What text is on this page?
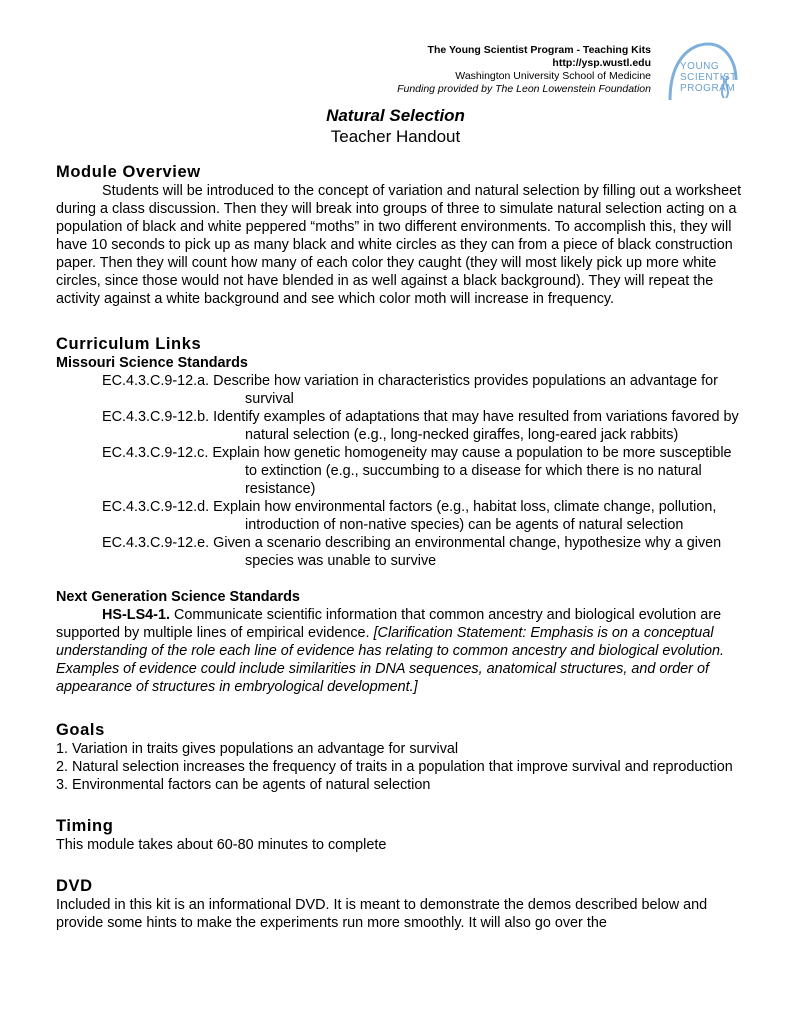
The Young Scientist Program - Teaching Kits
http://ysp.wustl.edu
Washington University School of Medicine
Funding provided by The Leon Lowenstein Foundation
YOUNG
SCIENTIST
PROGRAM
Natural Selection
Teacher Handout
Module Overview

Students will be introduced to the concept of variation and natural selection by filling out a worksheet during a class discussion. Then they will break into groups of three to simulate natural selection acting on a population of black and white peppered “moths” in two different environments. To accomplish this, they will have 10 seconds to pick up as many black and white circles as they can from a piece of black construction paper. Then they will count how many of each color they caught (they will most likely pick up more white circles, since those would not have blended in as well against a black background). They will repeat the activity against a white background and see which color moth will increase in frequency.

Curriculum Links

Missouri Science Standards

EC.4.3.C.9-12.a. Describe how variation in characteristics provides populations an advantage for survival

EC.4.3.C.9-12.b. Identify examples of adaptations that may have resulted from variations favored by natural selection (e.g., long-necked giraffes, long-eared jack rabbits)

EC.4.3.C.9-12.c. Explain how genetic homogeneity may cause a population to be more susceptible to extinction (e.g., succumbing to a disease for which there is no natural resistance)

EC.4.3.C.9-12.d. Explain how environmental factors (e.g., habitat loss, climate change, pollution, introduction of non-native species) can be agents of natural selection

EC.4.3.C.9-12.e. Given a scenario describing an environmental change, hypothesize why a given species was unable to survive

Next Generation Science Standards

HS-LS4-1. Communicate scientific information that common ancestry and biological evolution are supported by multiple lines of empirical evidence. [Clarification Statement: Emphasis is on a conceptual understanding of the role each line of evidence has relating to common ancestry and biological evolution. Examples of evidence could include similarities in DNA sequences, anatomical structures, and order of appearance of structures in embryological development.]

Goals

1. Variation in traits gives populations an advantage for survival

2. Natural selection increases the frequency of traits in a population that improve survival and reproduction

3. Environmental factors can be agents of natural selection

Timing

This module takes about 60-80 minutes to complete

DVD

Included in this kit is an informational DVD. It is meant to demonstrate the demos described below and provide some hints to make the experiments run more smoothly. It will also go over the
